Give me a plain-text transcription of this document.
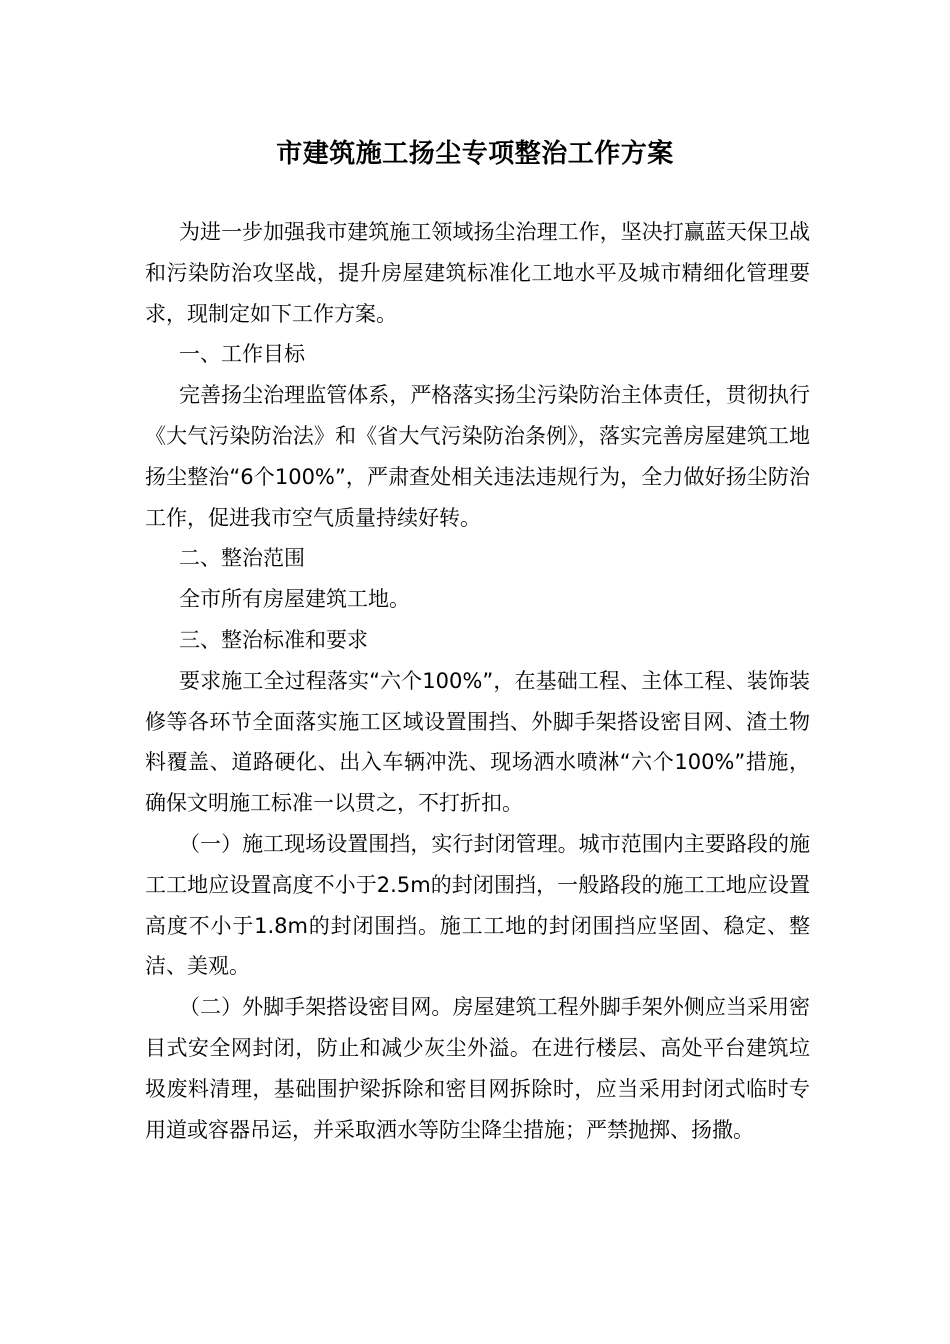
市建筑施工扬尘专项整治工作方案

为进一步加强我市建筑施工领域扬尘治理工作，坚决打赢蓝天保卫战和污染防治攻坚战，提升房屋建筑标准化工地水平及城市精细化管理要求，现制定如下工作方案。

一、工作目标

完善扬尘治理监管体系，严格落实扬尘污染防治主体责任，贯彻执行《大气污染防治法》和《省大气污染防治条例》，落实完善房屋建筑工地扬尘整治“6个100%”，严肃查处相关违法违规行为，全力做好扬尘防治工作，促进我市空气质量持续好转。

二、整治范围

全市所有房屋建筑工地。

三、整治标准和要求

要求施工全过程落实“六个100%”，在基础工程、主体工程、装饰装修等各环节全面落实施工区域设置围挡、外脚手架搭设密目网、渣土物料覆盖、道路硬化、出入车辆冲洗、现场洒水喷淋“六个100%”措施，确保文明施工标准一以贯之，不打折扣。

（一）施工现场设置围挡，实行封闭管理。城市范围内主要路段的施工工地应设置高度不小于2.5m的封闭围挡，一般路段的施工工地应设置高度不小于1.8m的封闭围挡。施工工地的封闭围挡应坚固、稳定、整洁、美观。

（二）外脚手架搭设密目网。房屋建筑工程外脚手架外侧应当采用密目式安全网封闭，防止和减少灰尘外溢。在进行楼层、高处平台建筑垃圾废料清理，基础围护梁拆除和密目网拆除时，应当采用封闭式临时专用道或容器吊运，并采取洒水等防尘降尘措施；严禁抛掷、扬撒。
